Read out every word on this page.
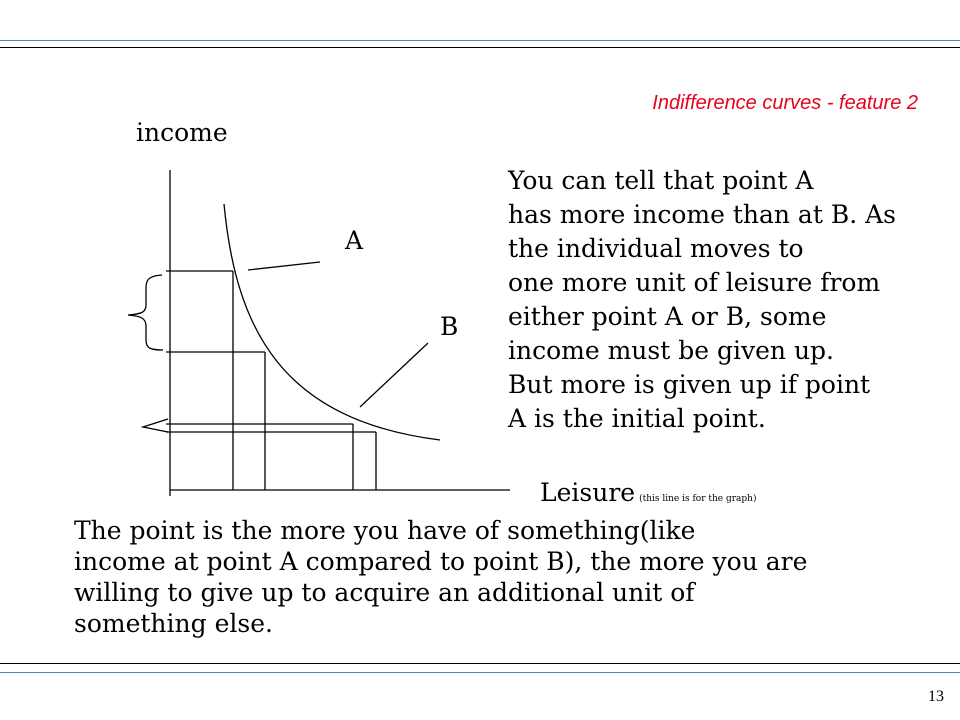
Indifference curves - feature 2
income
A
B
You can tell that point A
has more income than at B. As
the individual moves to
one more unit of leisure from
either point A or B, some
income must be given up.
But more is given up if point
A is the initial point.
Leisure (this line is for the graph)
The point is the more you have of something(like
income at point A compared to point B), the more you are
willing to give up to acquire an additional unit of
something else.
13
